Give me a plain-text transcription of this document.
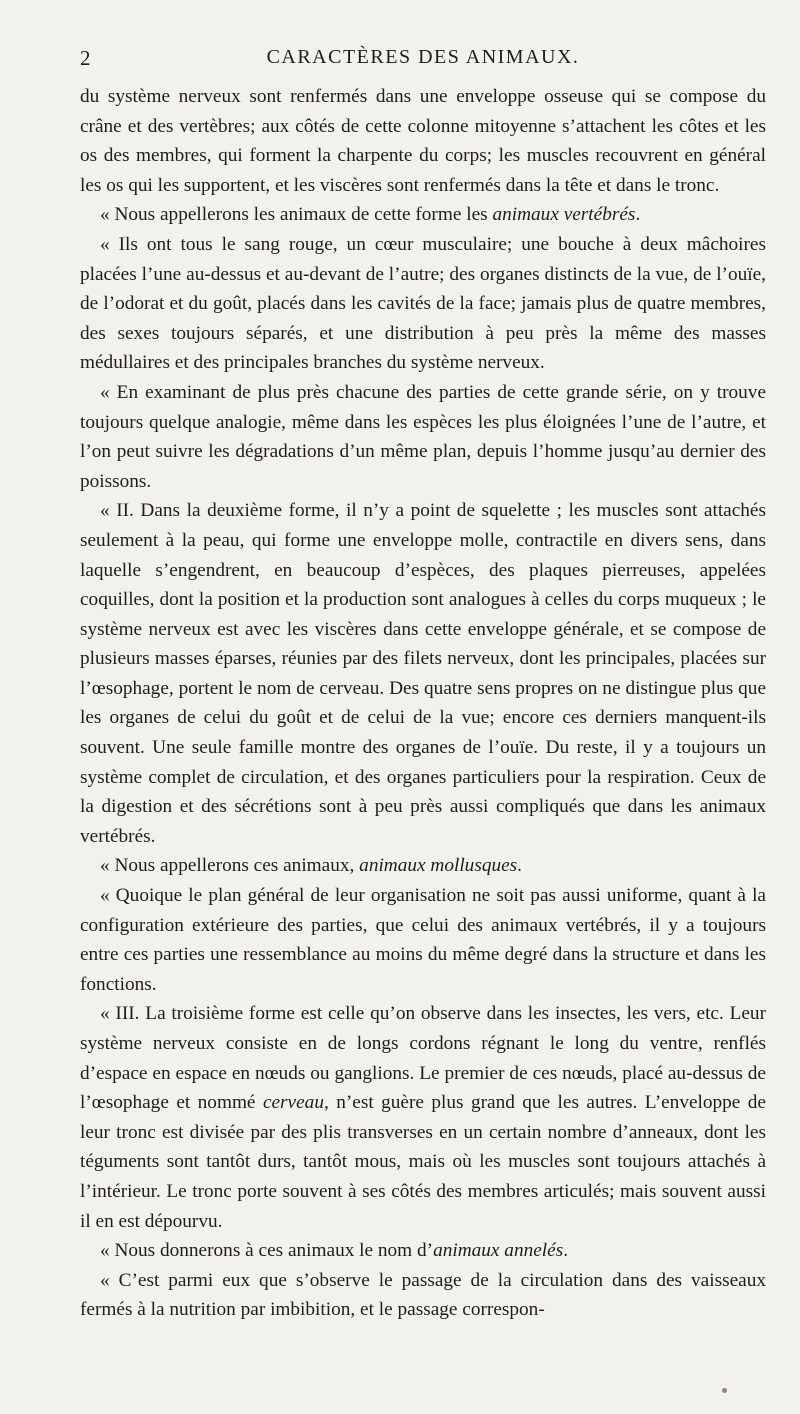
2	CARACTÈRES DES ANIMAUX.

du système nerveux sont renfermés dans une enveloppe osseuse qui se compose du crâne et des vertèbres; aux côtés de cette colonne mitoyenne s’attachent les côtes et les os des membres, qui forment la charpente du corps; les muscles recouvrent en général les os qui les supportent, et les viscères sont renfermés dans la tête et dans le tronc.

« Nous appellerons les animaux de cette forme les animaux vertébrés.

« Ils ont tous le sang rouge, un cœur musculaire; une bouche à deux mâchoires placées l’une au-dessus et au-devant de l’autre; des organes distincts de la vue, de l’ouïe, de l’odorat et du goût, placés dans les cavités de la face; jamais plus de quatre membres, des sexes toujours séparés, et une distribution à peu près la même des masses médullaires et des principales branches du système nerveux.

« En examinant de plus près chacune des parties de cette grande série, on y trouve toujours quelque analogie, même dans les espèces les plus éloignées l’une de l’autre, et l’on peut suivre les dégradations d’un même plan, depuis l’homme jusqu’au dernier des poissons.

« II. Dans la deuxième forme, il n’y a point de squelette ; les muscles sont attachés seulement à la peau, qui forme une enveloppe molle, contractile en divers sens, dans laquelle s’engendrent, en beaucoup d’espèces, des plaques pierreuses, appelées coquilles, dont la position et la production sont analogues à celles du corps muqueux ; le système nerveux est avec les viscères dans cette enveloppe générale, et se compose de plusieurs masses éparses, réunies par des filets nerveux, dont les principales, placées sur l’œsophage, portent le nom de cerveau. Des quatre sens propres on ne distingue plus que les organes de celui du goût et de celui de la vue; encore ces derniers manquent-ils souvent. Une seule famille montre des organes de l’ouïe. Du reste, il y a toujours un système complet de circulation, et des organes particuliers pour la respiration. Ceux de la digestion et des sécrétions sont à peu près aussi compliqués que dans les animaux vertébrés.

« Nous appellerons ces animaux, animaux mollusques.

« Quoique le plan général de leur organisation ne soit pas aussi uniforme, quant à la configuration extérieure des parties, que celui des animaux vertébrés, il y a toujours entre ces parties une ressemblance au moins du même degré dans la structure et dans les fonctions.

« III. La troisième forme est celle qu’on observe dans les insectes, les vers, etc. Leur système nerveux consiste en de longs cordons régnant le long du ventre, renflés d’espace en espace en nœuds ou ganglions. Le premier de ces nœuds, placé au-dessus de l’œsophage et nommé cerveau, n’est guère plus grand que les autres. L’enveloppe de leur tronc est divisée par des plis transverses en un certain nombre d’anneaux, dont les téguments sont tantôt durs, tantôt mous, mais où les muscles sont toujours attachés à l’intérieur. Le tronc porte souvent à ses côtés des membres articulés; mais souvent aussi il en est dépourvu.

« Nous donnerons à ces animaux le nom d’animaux annelés.

« C’est parmi eux que s’observe le passage de la circulation dans des vaisseaux fermés à la nutrition par imbibition, et le passage correspon-
